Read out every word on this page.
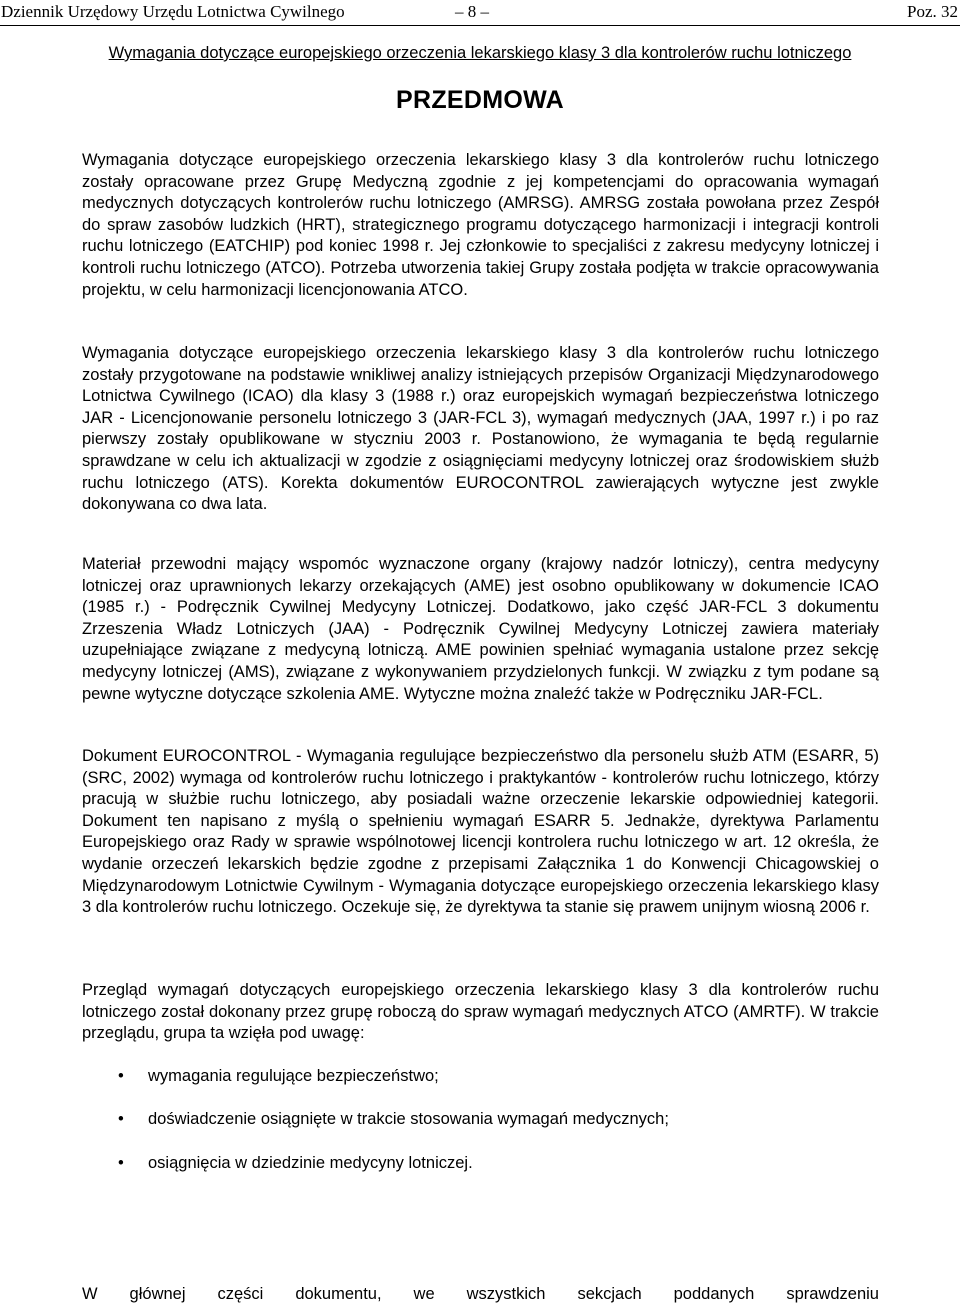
Dziennik Urzędowy Urzędu Lotnictwa Cywilnego	– 8 –	Poz. 32
Wymagania dotyczące europejskiego orzeczenia lekarskiego klasy 3 dla kontrolerów ruchu lotniczego
PRZEDMOWA
Wymagania dotyczące europejskiego orzeczenia lekarskiego klasy 3 dla kontrolerów ruchu lotniczego zostały opracowane przez Grupę Medyczną zgodnie z jej kompetencjami do opracowania wymagań medycznych dotyczących kontrolerów ruchu lotniczego (AMRSG). AMRSG została powołana przez Zespół do spraw zasobów ludzkich (HRT), strategicznego programu dotyczącego harmonizacji i integracji kontroli ruchu lotniczego (EATCHIP) pod koniec 1998 r. Jej członkowie to specjaliści z zakresu medycyny lotniczej i kontroli ruchu lotniczego (ATCO). Potrzeba utworzenia takiej Grupy została podjęta w trakcie opracowywania projektu, w celu harmonizacji licencjonowania ATCO.
Wymagania dotyczące europejskiego orzeczenia lekarskiego klasy 3 dla kontrolerów ruchu lotniczego zostały przygotowane na podstawie wnikliwej analizy istniejących przepisów Organizacji Międzynarodowego Lotnictwa Cywilnego (ICAO) dla klasy 3 (1988 r.) oraz europejskich wymagań bezpieczeństwa lotniczego JAR - Licencjonowanie personelu lotniczego 3 (JAR-FCL 3), wymagań medycznych (JAA, 1997 r.) i po raz pierwszy zostały opublikowane w styczniu 2003 r. Postanowiono, że wymagania te będą regularnie sprawdzane w celu ich aktualizacji w zgodzie z osiągnięciami medycyny lotniczej oraz środowiskiem służb ruchu lotniczego (ATS). Korekta dokumentów EUROCONTROL zawierających wytyczne jest zwykle dokonywana co dwa lata.
Materiał przewodni mający wspomóc wyznaczone organy (krajowy nadzór lotniczy), centra medycyny lotniczej oraz uprawnionych lekarzy orzekających (AME) jest osobno opublikowany w dokumencie ICAO (1985 r.) - Podręcznik Cywilnej Medycyny Lotniczej. Dodatkowo, jako część JAR-FCL 3 dokumentu Zrzeszenia Władz Lotniczych (JAA) - Podręcznik Cywilnej Medycyny Lotniczej zawiera materiały uzupełniające związane z medycyną lotniczą. AME powinien spełniać wymagania ustalone przez sekcję medycyny lotniczej (AMS), związane z wykonywaniem przydzielonych funkcji. W związku z tym podane są pewne wytyczne dotyczące szkolenia AME. Wytyczne można znaleźć także w Podręczniku JAR-FCL.
Dokument EUROCONTROL - Wymagania regulujące bezpieczeństwo dla personelu służb ATM (ESARR, 5) (SRC, 2002) wymaga od kontrolerów ruchu lotniczego i praktykantów - kontrolerów ruchu lotniczego, którzy pracują w służbie ruchu lotniczego, aby posiadali ważne orzeczenie lekarskie odpowiedniej kategorii. Dokument ten napisano z myślą o spełnieniu wymagań ESARR 5. Jednakże, dyrektywa Parlamentu Europejskiego oraz Rady w sprawie wspólnotowej licencji kontrolera ruchu lotniczego w art. 12 określa, że wydanie orzeczeń lekarskich będzie zgodne z przepisami Załącznika 1 do Konwencji Chicagowskiej o Międzynarodowym Lotnictwie Cywilnym - Wymagania dotyczące europejskiego orzeczenia lekarskiego klasy 3 dla kontrolerów ruchu lotniczego. Oczekuje się, że dyrektywa ta stanie się prawem unijnym wiosną 2006 r.
Przegląd wymagań dotyczących europejskiego orzeczenia lekarskiego klasy 3 dla kontrolerów ruchu lotniczego został dokonany przez grupę roboczą do spraw wymagań medycznych ATCO (AMRTF). W trakcie przeglądu, grupa ta wzięła pod uwagę:
• wymagania regulujące bezpieczeństwo;
• doświadczenie osiągnięte w trakcie stosowania wymagań medycznych;
• osiągnięcia w dziedzinie medycyny lotniczej.
W głównej części dokumentu, we wszystkich sekcjach poddanych sprawdzeniu
